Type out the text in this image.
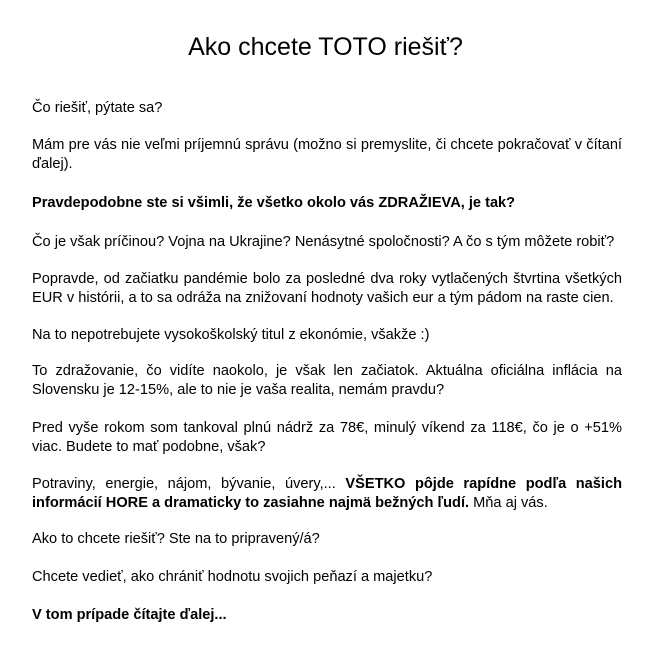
Ako chcete TOTO riešiť?

Čo riešiť, pýtate sa?

Mám pre vás nie veľmi príjemnú správu (možno si premyslite, či chcete pokračovať v čítaní ďalej).

Pravdepodobne ste si všimli, že všetko okolo vás ZDRAŽIEVA, je tak?

Čo je však príčinou? Vojna na Ukrajine? Nenásytné spoločnosti? A čo s tým môžete robiť?

Popravde, od začiatku pandémie bolo za posledné dva roky vytlačených štvrtina všetkých EUR v histórii, a to sa odráža na znižovaní hodnoty vašich eur a tým pádom na raste cien.

Na to nepotrebujete vysokoškolský titul z ekonómie, všakže :)

To zdražovanie, čo vidíte naokolo, je však len začiatok. Aktuálna oficiálna inflácia na Slovensku je 12-15%, ale to nie je vaša realita, nemám pravdu?

Pred vyše rokom som tankoval plnú nádrž za 78€, minulý víkend za 118€, čo je o +51% viac. Budete to mať podobne, však?

Potraviny, energie, nájom, bývanie, úvery,... VŠETKO pôjde rapídne podľa našich informácií HORE a dramaticky to zasiahne najmä bežných ľudí. Mňa aj vás.

Ako to chcete riešiť? Ste na to pripravený/á?

Chcete vedieť, ako chrániť hodnotu svojich peňazí a majetku?

V tom prípade čítajte ďalej...
